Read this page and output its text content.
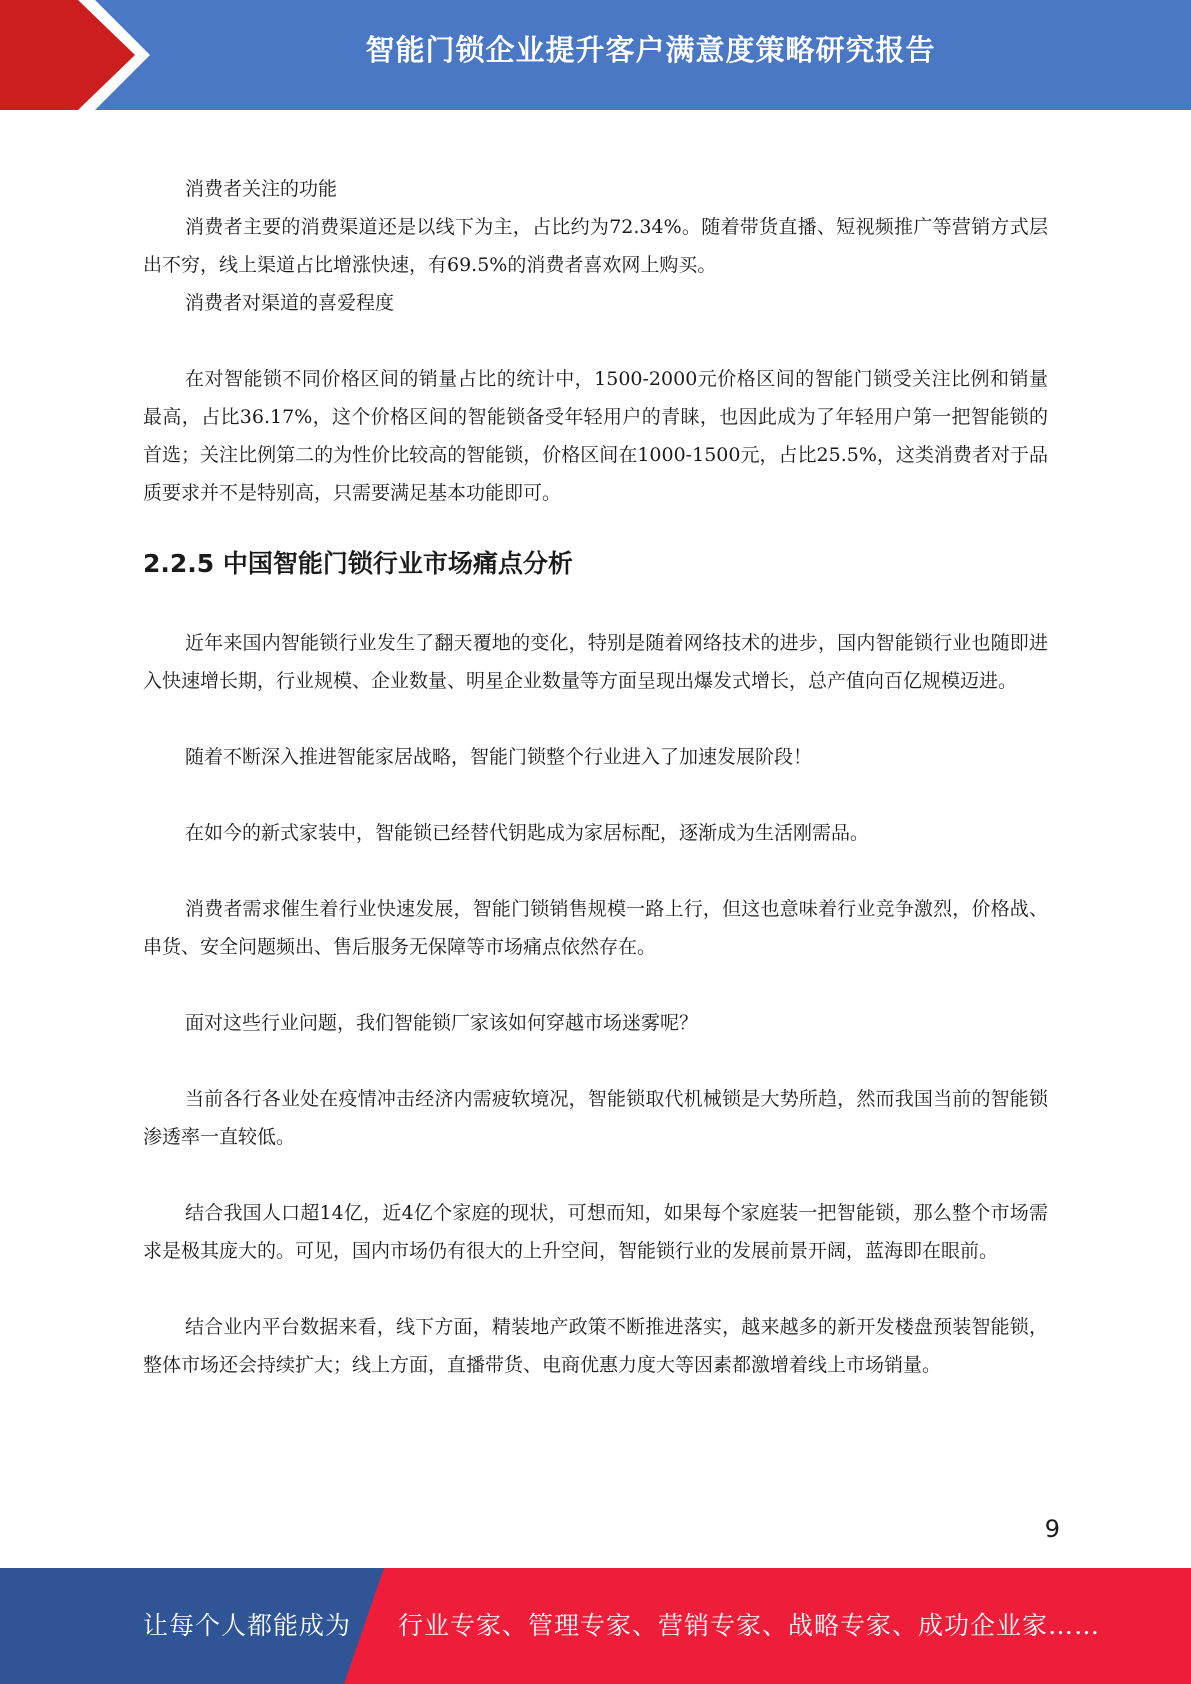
智能门锁企业提升客户满意度策略研究报告

消费者关注的功能

消费者主要的消费渠道还是以线下为主，占比约为72.34%。随着带货直播、短视频推广等营销方式层出不穷，线上渠道占比增涨快速，有69.5%的消费者喜欢网上购买。

消费者对渠道的喜爱程度

在对智能锁不同价格区间的销量占比的统计中，1500-2000元价格区间的智能门锁受关注比例和销量最高，占比36.17%，这个价格区间的智能锁备受年轻用户的青睐，也因此成为了年轻用户第一把智能锁的首选；关注比例第二的为性价比较高的智能锁，价格区间在1000-1500元，占比25.5%，这类消费者对于品质要求并不是特别高，只需要满足基本功能即可。

2.2.5 中国智能门锁行业市场痛点分析

近年来国内智能锁行业发生了翻天覆地的变化，特别是随着网络技术的进步，国内智能锁行业也随即进入快速增长期，行业规模、企业数量、明星企业数量等方面呈现出爆发式增长，总产值向百亿规模迈进。

随着不断深入推进智能家居战略，智能门锁整个行业进入了加速发展阶段！

在如今的新式家装中，智能锁已经替代钥匙成为家居标配，逐渐成为生活刚需品。

消费者需求催生着行业快速发展，智能门锁销售规模一路上行，但这也意味着行业竞争激烈，价格战、串货、安全问题频出、售后服务无保障等市场痛点依然存在。

面对这些行业问题，我们智能锁厂家该如何穿越市场迷雾呢？

当前各行各业处在疫情冲击经济内需疲软境况，智能锁取代机械锁是大势所趋，然而我国当前的智能锁渗透率一直较低。

结合我国人口超14亿，近4亿个家庭的现状，可想而知，如果每个家庭装一把智能锁，那么整个市场需求是极其庞大的。可见，国内市场仍有很大的上升空间，智能锁行业的发展前景开阔，蓝海即在眼前。

结合业内平台数据来看，线下方面，精装地产政策不断推进落实，越来越多的新开发楼盘预装智能锁，整体市场还会持续扩大；线上方面，直播带货、电商优惠力度大等因素都激增着线上市场销量。

9
让每个人都能成为 行业专家、管理专家、营销专家、战略专家、成功企业家……
